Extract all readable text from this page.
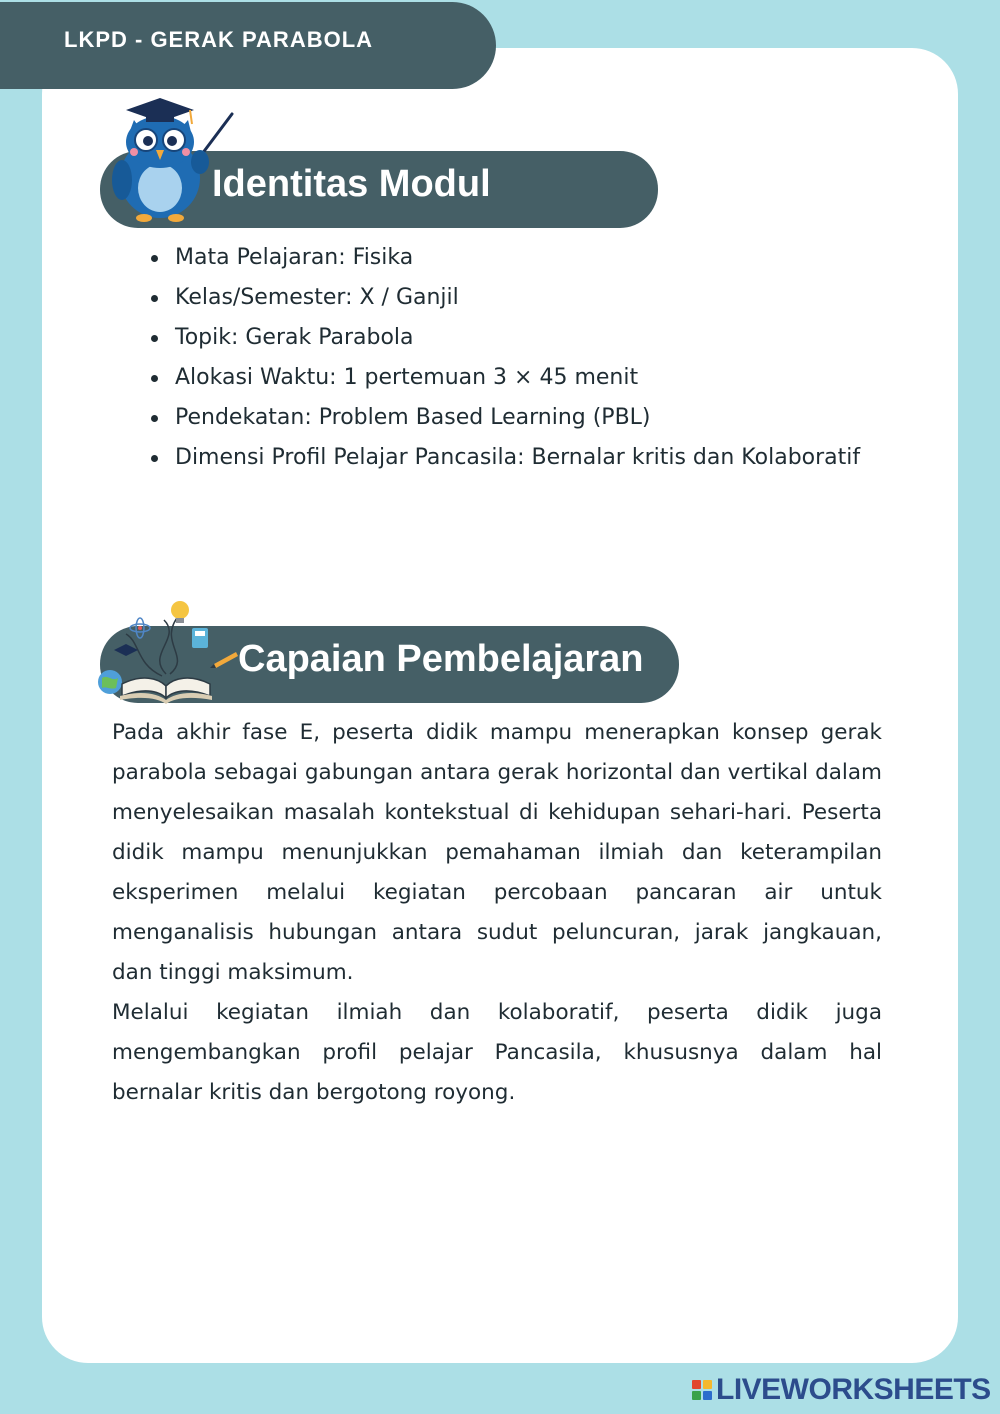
LKPD - GERAK PARABOLA
Identitas Modul
Mata Pelajaran: Fisika
Kelas/Semester: X / Ganjil
Topik: Gerak Parabola
Alokasi Waktu: 1 pertemuan 3 × 45 menit
Pendekatan: Problem Based Learning (PBL)
Dimensi Profil Pelajar Pancasila: Bernalar kritis dan Kolaboratif
Capaian Pembelajaran

Pada akhir fase E, peserta didik mampu menerapkan konsep gerak parabola sebagai gabungan antara gerak horizontal dan vertikal dalam menyelesaikan masalah kontekstual di kehidupan sehari-hari. Peserta didik mampu menunjukkan pemahaman ilmiah dan keterampilan eksperimen melalui kegiatan percobaan pancaran air untuk menganalisis hubungan antara sudut peluncuran, jarak jangkauan, dan tinggi maksimum.

Melalui kegiatan ilmiah dan kolaboratif, peserta didik juga mengembangkan profil pelajar Pancasila, khususnya dalam hal bernalar kritis dan bergotong royong.

LIVEWORKSHEETS
